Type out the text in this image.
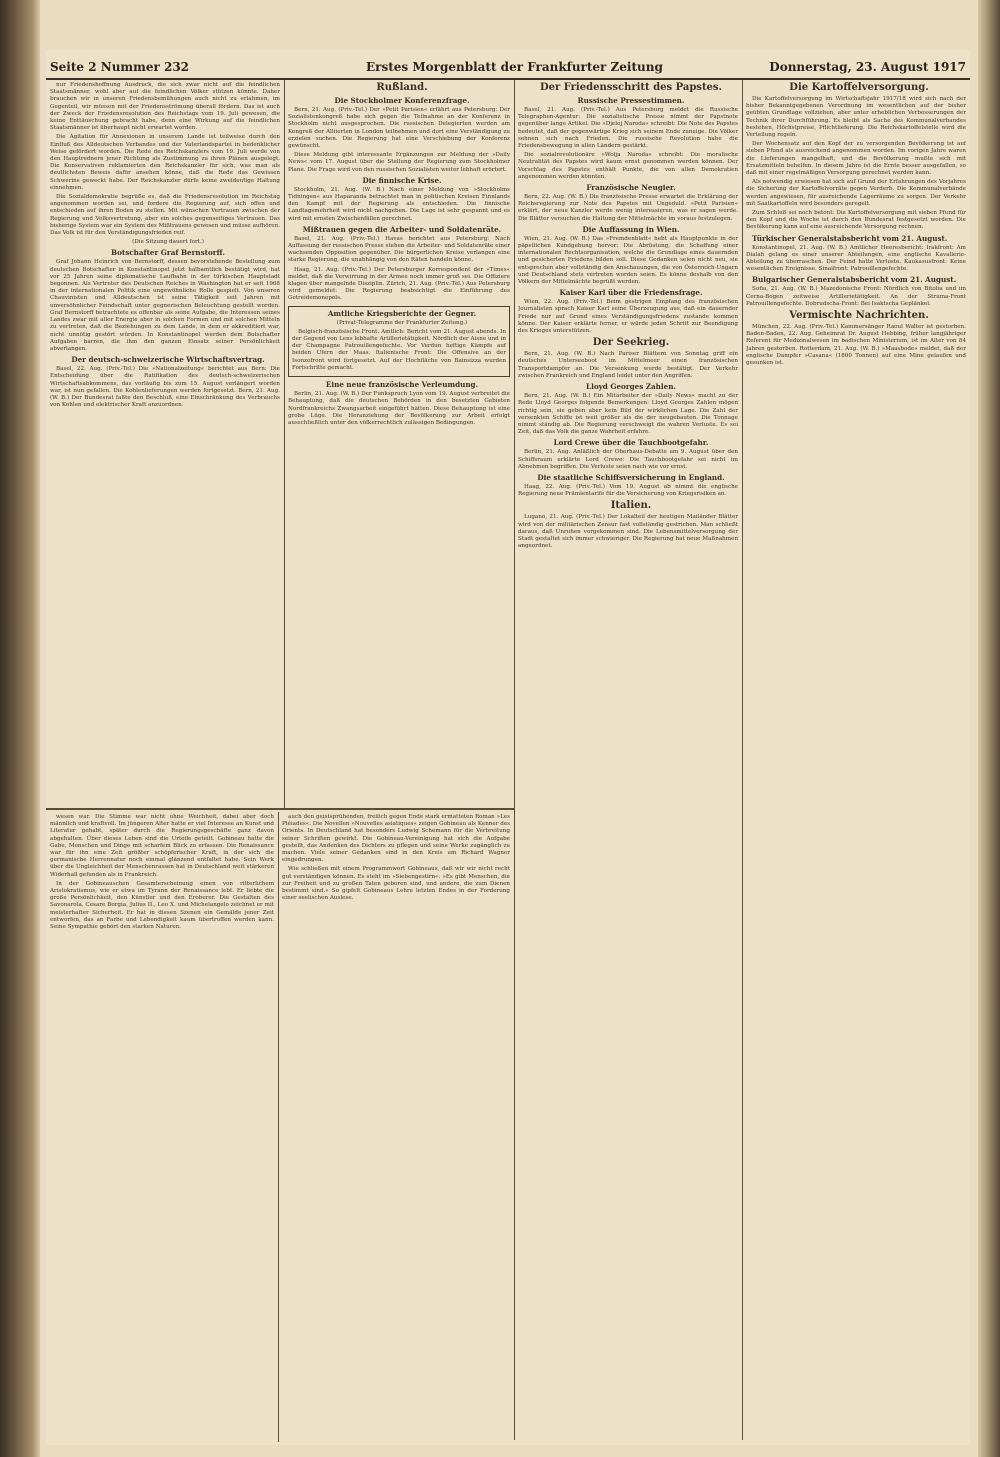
Seite 2 Nummer 232	Erstes Morgenblatt der Frankfurter Zeitung	Donnerstag, 23. August 1917

nur Friedenshoffnung Ausdruck, die sich zwar nicht auf die feindlichen Staatsmänner, wohl aber auf die feindlichen Völker stützen könnte. Daher brauchen wir in unseren Friedensbemühungen auch nicht zu erlahmen, im Gegenteil, wir müssen mit der Friedensströmung überall fördern. Das ist auch der Zweck der Friedensresolution des Reichstags vom 19. Juli gewesen, die keine Enttäuschung gebracht habe, denn eine Wirkung auf die feindlichen Staatsmänner ist überhaupt nicht erwartet worden.

Die Agitation für Annexionen in unserem Lande ist teilweise durch den Einfluß des Alldeutschen Verbandes und der Vaterlandspartei in bedenklicher Weise gefördert worden. Die Rede des Reichskanzlers vom 19. Juli werde von den Hauptrednern jener Richtung als Zustimmung zu ihren Plänen ausgelegt. Die Konservativen reklamierten den Reichskanzler für sich, was man als deutlichsten Beweis dafür ansehen könne, daß die Rede das Gewissen Schwerins geweckt habe. Der Reichskanzler dürfe keine zweideutige Haltung einnehmen.

Die Sozialdemokratie begrüße es, daß die Friedensresolution im Reichstag angenommen worden sei, und fordere die Regierung auf, sich offen und entschieden auf ihren Boden zu stellen. Mit wünschen Vertrauen zwischen der Regierung und Volksvertretung, aber ein solches gegenseitiges Vertrauen. Das bisherige System war ein System des Mißtrauens gewesen und müsse aufhören. Das Volk ist für den Verständigungsfrieden reif.

(Die Sitzung dauert fort.)

Botschafter Graf Bernstorff.

Graf Johann Heinrich von Bernstorff, dessen bevorstehende Bestellung zum deutschen Botschafter in Konstantinopel jetzt halbamtlich bestätigt wird, hat vor 25 Jahren seine diplomatische Laufbahn in der türkischen Hauptstadt begonnen. Als Vertreter des Deutschen Reiches in Washington hat er seit 1908 in der internationalen Politik eine ungewöhnliche Rolle gespielt. Von unseren Chauvinisten und Alldeutschen ist seine Tätigkeit seit Jahren mit unversöhnlicher Feindschaft unter gegnerischen Beleuchtung gestellt worden. Graf Bernstorff betrachtete es offenbar als seine Aufgabe, die Interessen seines Landes zwar mit aller Energie aber in solchen Formen und mit solchen Mitteln zu vertreten, daß die Beziehungen zu dem Lande, in dem er akkreditiert war, nicht unnötig gestört würden. In Konstantinopel werden dem Botschafter Aufgaben harren, die ihm den ganzen Einsatz seiner Persönlichkeit abverlangen.

Der deutsch-schweizerische Wirtschaftsvertrag.

Basel, 22. Aug. (Priv.-Tel.) Die »Nationalzeitung« berichtet aus Bern: Die Entscheidung über die Ratifikation des deutsch-schweizerischen Wirtschaftsabkommens, das vorläufig bis zum 15. August verlängert worden war, ist nun gefallen. Die Kohlenlieferungen werden fortgesetzt. Bern, 21. Aug. (W. B.) Der Bundesrat faßte den Beschluß, eine Einschränkung des Verbrauchs von Kohlen und elektrischer Kraft anzuordnen.

Rußland.

Die Stockholmer Konferenzfrage.

Bern, 21. Aug. (Priv.-Tel.) Der »Petit Parisien« erfährt aus Petersburg: Der Sozialistenkongreß habe sich gegen die Teilnahme an der Konferenz in Stockholm nicht ausgesprochen. Die russischen Delegierten werden am Kongreß der Alliierten in London teilnehmen und dort eine Verständigung zu erzielen suchen. Die Regierung hat eine Verschiebung der Konferenz gewünscht.

Diese Meldung gibt interessante Ergänzungen zur Meldung der »Daily News« vom 17. August über die Stellung der Regierung zum Stockholmer Plane. Die Frage wird von den russischen Sozialisten weiter lebhaft erörtert.

Die finnische Krise.

Stockholm, 21. Aug. (W. B.) Nach einer Meldung von »Stockholms Tidningen« aus Haparanda betrachtet man in politischen Kreisen Finnlands den Kampf mit der Regierung als entschieden. Die finnische Landtagsmehrheit wird nicht nachgeben. Die Lage ist sehr gespannt und es wird mit ernsten Zwischenfällen gerechnet.

Mißtrauen gegen die Arbeiter- und Soldatenräte.

Basel, 21. Aug. (Priv.-Tel.) Havas berichtet aus Petersburg: Nach Auffassung der russischen Presse stehen die Arbeiter- und Soldatenräte einer wachsenden Opposition gegenüber. Die bürgerlichen Kreise verlangen eine starke Regierung, die unabhängig von den Räten handeln könne.

Haag, 21. Aug. (Priv.-Tel.) Der Petersburger Korrespondent der »Times« meldet, daß die Verwirrung in der Armee noch immer groß sei. Die Offiziere klagen über mangelnde Disziplin. Zürich, 21. Aug. (Priv.-Tel.) Aus Petersburg wird gemeldet: Die Regierung beabsichtigt die Einführung des Getreidemonopols.

Amtliche Kriegsberichte der Gegner.

(Privat-Telegramme der Frankfurter Zeitung.)

Belgisch-französische Front. Amtlich: Bericht vom 21. August abends. In der Gegend von Lens lebhafte Artillerietätigkeit. Nördlich der Aisne und in der Champagne Patrouillengefechte. Vor Verdun heftige Kämpfe auf beiden Ufern der Maas. Italienische Front: Die Offensive an der Isonzofront wird fortgesetzt. Auf der Hochfläche von Bainsizza wurden Fortschritte gemacht.

Eine neue französische Verleumdung.

Berlin, 21. Aug. (W. B.) Der Funkspruch Lyon vom 19. August verbreitet die Behauptung, daß die deutschen Behörden in den besetzten Gebieten Nordfrankreichs Zwangsarbeit eingeführt hätten. Diese Behauptung ist eine grobe Lüge. Die Heranziehung der Bevölkerung zur Arbeit erfolgt ausschließlich unter den völkerrechtlich zulässigen Bedingungen.

Der Friedensschritt des Papstes.

Russische Pressestimmen.

Basel, 21. Aug. (Priv.-Tel.) Aus Petersburg meldet die Russische Telegraphen-Agentur: Die sozialistische Presse nimmt der Papstnote gegenüber lange Artikel. Die »Djeloj Naroda« schreibt: Die Note des Papstes bedeutet, daß der gegenwärtige Krieg sich seinem Ende zuneige. Die Völker sehnen sich nach Frieden. Die russische Revolution habe die Friedensbewegung in allen Ländern gestärkt.

Die sozialrevolutionäre »Wolja Naroda« schreibt: Die moralische Neutralität des Papstes wird kaum ernst genommen werden können. Der Vorschlag des Papstes enthält Punkte, die von allen Demokratien angenommen werden könnten.

Französische Neugier.

Bern, 22. Aug. (W. B.) Die französische Presse erwartet die Erklärung der Reichsregierung zur Note des Papstes mit Ungeduld. »Petit Parisien« erklärt, der neue Kanzler werde wenig interessieren, was er sagen werde. Die Blätter versuchen die Haltung der Mittelmächte im voraus festzulegen.

Die Auffassung in Wien.

Wien, 21. Aug. (W. B.) Das »Fremdenblatt« hebt als Hauptpunkte in der päpstlichen Kundgebung hervor: Die Abrüstung, die Schaffung einer internationalen Rechtsorganisation, welche die Grundlage eines dauernden und gesicherten Friedens bilden soll. Diese Gedanken seien nicht neu, sie entsprechen aber vollständig den Anschauungen, die von Österreich-Ungarn und Deutschland stets vertreten worden seien. Es könne deshalb von den Völkern der Mittelmächte begrüßt werden.

Kaiser Karl über die Friedensfrage.

Wien, 22. Aug. (Priv.-Tel.) Beim gestrigen Empfang des französischen Journalisten sprach Kaiser Karl seine Überzeugung aus, daß ein dauernder Friede nur auf Grund eines Verständigungsfriedens zustande kommen könne. Der Kaiser erklärte ferner, er würde jeden Schritt zur Beendigung des Krieges unterstützen.

Der Seekrieg.

Bern, 21. Aug. (W. B.) Nach Pariser Blättern von Sonntag griff ein deutsches Unterseeboot im Mittelmeer einen französischen Transportdampfer an. Die Versenkung wurde bestätigt. Der Verkehr zwischen Frankreich und England leidet unter den Angriffen.

Lloyd Georges Zahlen.

Bern, 21. Aug. (W. B.) Ein Mitarbeiter der »Daily News« macht zu der Rede Lloyd Georges folgende Bemerkungen: Lloyd Georges Zahlen mögen richtig sein, sie geben aber kein Bild der wirklichen Lage. Die Zahl der versenkten Schiffe ist weit größer als die der neugebauten. Die Tonnage nimmt ständig ab. Die Regierung verschweigt die wahren Verluste. Es sei Zeit, daß das Volk die ganze Wahrheit erfahre.

Lord Crewe über die Tauchbootgefahr.

Berlin, 21. Aug. Anläßlich der Oberhaus-Debatte am 9. August über den Schiffsraum erklärte Lord Crewe: Die Tauchbootgefahr sei nicht im Abnehmen begriffen. Die Verluste seien nach wie vor ernst.

Die staatliche Schiffsversicherung in England.

Haag, 22. Aug. (Priv.-Tel.) Vom 19. August ab nimmt die englische Regierung neue Prämientarife für die Versicherung von Kriegsrisiken an.

Italien.

Lugano, 21. Aug. (Priv.-Tel.) Der Lokalteil der heutigen Mailänder Blätter wird von der militärischen Zensur fast vollständig gestrichen. Man schließt daraus, daß Unruhen vorgekommen sind. Die Lebensmittelversorgung der Stadt gestaltet sich immer schwieriger. Die Regierung hat neue Maßnahmen angeordnet.

Die Kartoffelversorgung.

Die Kartoffelversorgung im Wirtschaftsjahr 1917/18 wird sich nach der bisher Bekanntgegebenen Verordnung im wesentlichen auf der bisher geübten Grundlage vollziehen, aber unter erheblichen Verbesserungen der Technik ihrer Durchführung. Es bleibt als Sache des Kommunalverbandes bestehen, Höchstpreise, Pflichtlieferung. Die Reichskartoffelstelle wird die Verteilung regeln.

Der Wochensatz auf den Kopf der zu versorgenden Bevölkerung ist auf sieben Pfund als ausreichend angenommen worden. Im vorigen Jahre waren die Lieferungen mangelhaft, und die Bevölkerung mußte sich mit Ersatzmitteln behelfen. In diesem Jahre ist die Ernte besser ausgefallen, so daß mit einer regelmäßigen Versorgung gerechnet werden kann.

Als notwendig erwiesen hat sich auf Grund der Erfahrungen des Vorjahres die Sicherung der Kartoffelvorräte gegen Verderb. Die Kommunalverbände werden angewiesen, für ausreichende Lagerräume zu sorgen. Der Verkehr mit Saatkartoffeln wird besonders geregelt.

Zum Schluß sei noch betont: Die Kartoffelversorgung mit sieben Pfund für den Kopf und die Woche ist durch den Bundesrat festgesetzt worden. Die Bevölkerung kann auf eine ausreichende Versorgung rechnen.

Türkischer Generalstabsbericht vom 21. August.

Konstantinopel, 21. Aug. (W. B.) Amtlicher Heeresbericht: Irakfront: Am Dialah gelang es einer unserer Abteilungen, eine englische Kavallerie-Abteilung zu überraschen. Der Feind hatte Verluste. Kaukasusfront: Keine wesentlichen Ereignisse. Sinaifront: Patrouillengefechte.

Bulgarischer Generalstabsbericht vom 21. August.

Sofia, 21. Aug. (W. B.) Mazedonische Front: Nördlich von Bitolia und im Cerna-Bogen zeitweise Artillerietätigkeit. An der Struma-Front Patrouillengefechte. Dobrudscha-Front: Bei Isaktscha Geplänkel.

Vermischte Nachrichten.

München, 22. Aug. (Priv.-Tel.) Kammersänger Raoul Walter ist gestorben. Baden-Baden, 22. Aug. Geheimrat Dr. August Hebbing, früher langjähriger Referent für Medizinalwesen im badischen Ministerium, ist im Alter von 84 Jahren gestorben. Rotterdam, 21. Aug. (W. B.) »Maasbode« meldet, daß der englische Dampfer »Casana« (1800 Tonnen) auf eine Mine gelaufen und gesunken ist.

wesen war. Die Stimme war nicht ohne Weichheit, dabei aber doch männlich und kraftvoll. Im jüngeren Alter hatte er viel Interesse an Kunst und Literatur gehabt, später durch die Regierungsgeschäfte ganz davon abgehalten. Über dieses Leben sind die Urteile geteilt. Gobineau hatte die Gabe, Menschen und Dinge mit scharfem Blick zu erfassen. Die Renaissance war für ihn eine Zeit größter schöpferischer Kraft, in der sich die germanische Herrennatur noch einmal glänzend entfaltet habe. Sein Werk über die Ungleichheit der Menschenrassen hat in Deutschland weit stärkeren Widerhall gefunden als in Frankreich.

In der Gobineauschen Gesamterscheinung einen von ritterlichem Aristokratismus, wie er etwa im Tyrann der Renaissance lebt. Er liebte die große Persönlichkeit, den Künstler und den Eroberer. Die Gestalten des Savonarola, Cesare Borgia, Julius II., Leo X. und Michelangelo zeichnet er mit meisterhafter Sicherheit. Er hat in diesen Szenen ein Gemälde jener Zeit entworfen, das an Farbe und Lebendigkeit kaum übertroffen werden kann. Seine Sympathie gehört den starken Naturen.

auch den geistsprühenden, freilich gegen Ende stark ermatteten Roman »Les Pléiades«. Die Novellen »Nouvelles asiatiques« zeigen Gobineau als Kenner des Orients. In Deutschland hat besonders Ludwig Schemann für die Verbreitung seiner Schriften gewirkt. Die Gobineau-Vereinigung hat sich die Aufgabe gestellt, das Andenken des Dichters zu pflegen und seine Werke zugänglich zu machen. Viele seiner Gedanken sind in den Kreis um Richard Wagner eingedrungen.

Wie schließen mit einem Programmwort Gobineaus, daß wir wir nicht recht gut verständigen können. Es steht im »Siebengestirn«: »Es gibt Menschen, die zur Freiheit und zu großen Taten geboren sind, und andere, die zum Dienen bestimmt sind.« So gipfelt Gobineaus Lehre letzten Endes in der Forderung einer seelischen Auslese.
